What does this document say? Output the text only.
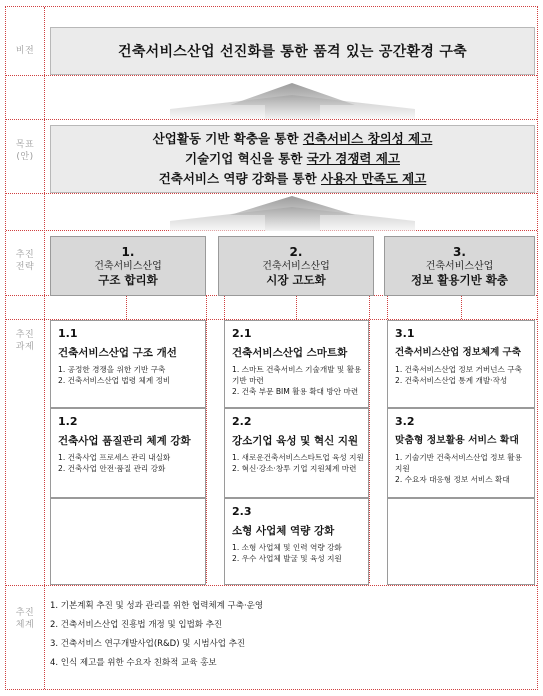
비전
목표
(안)
추진
전략
추진
과제
추진
체계
건축서비스산업 선진화를 통한 품격 있는 공간환경 구축
산업활동 기반 확충을 통한 건축서비스 창의성 제고
기술기업 혁신을 통한 국가 경쟁력 제고
건축서비스 역량 강화를 통한 사용자 만족도 제고
1.
건축서비스산업
구조 합리화
2.
건축서비스산업
시장 고도화
3.
건축서비스산업
정보 활용기반 확충
1.1
건축서비스산업 구조 개선
1. 공정한 경쟁을 위한 기반 구축
2. 건축서비스산업 법령 체계 정비
1.2
건축사업 품질관리 체계 강화
1. 건축사업 프로세스 관리 내실화
2. 건축사업 안전·품질 관리 강화
2.1
건축서비스산업 스마트화
1. 스마트 건축서비스 기술개발 및 활용 기반 마련
2. 건축 부문 BIM 활용 확대 방안 마련
2.2
강소기업 육성 및 혁신 지원
1. 새로운건축서비스스타트업 육성 지원
2. 혁신·강소·창투 기업 지원체계 마련
2.3
소형 사업체 역량 강화
1. 소형 사업체 및 인력 역량 강화
2. 우수 사업체 발굴 및 육성 지원
3.1
건축서비스산업 정보체계 구축
1. 건축서비스산업 정보 거버넌스 구축
2. 건축서비스산업 통계 개발·작성
3.2
맞춤형 정보활용 서비스 확대
1. 기술기반 건축서비스산업 정보 활용 지원
2. 수요자 대응형 정보 서비스 확대
1. 기본계획 추진 및 성과 관리를 위한 협력체계 구축·운영
2. 건축서비스산업 진흥법 개정 및 입법화 추진
3. 건축서비스 연구개발사업(R&D) 및 시범사업 추진
4. 인식 제고를 위한 수요자 친화적 교육 홍보
